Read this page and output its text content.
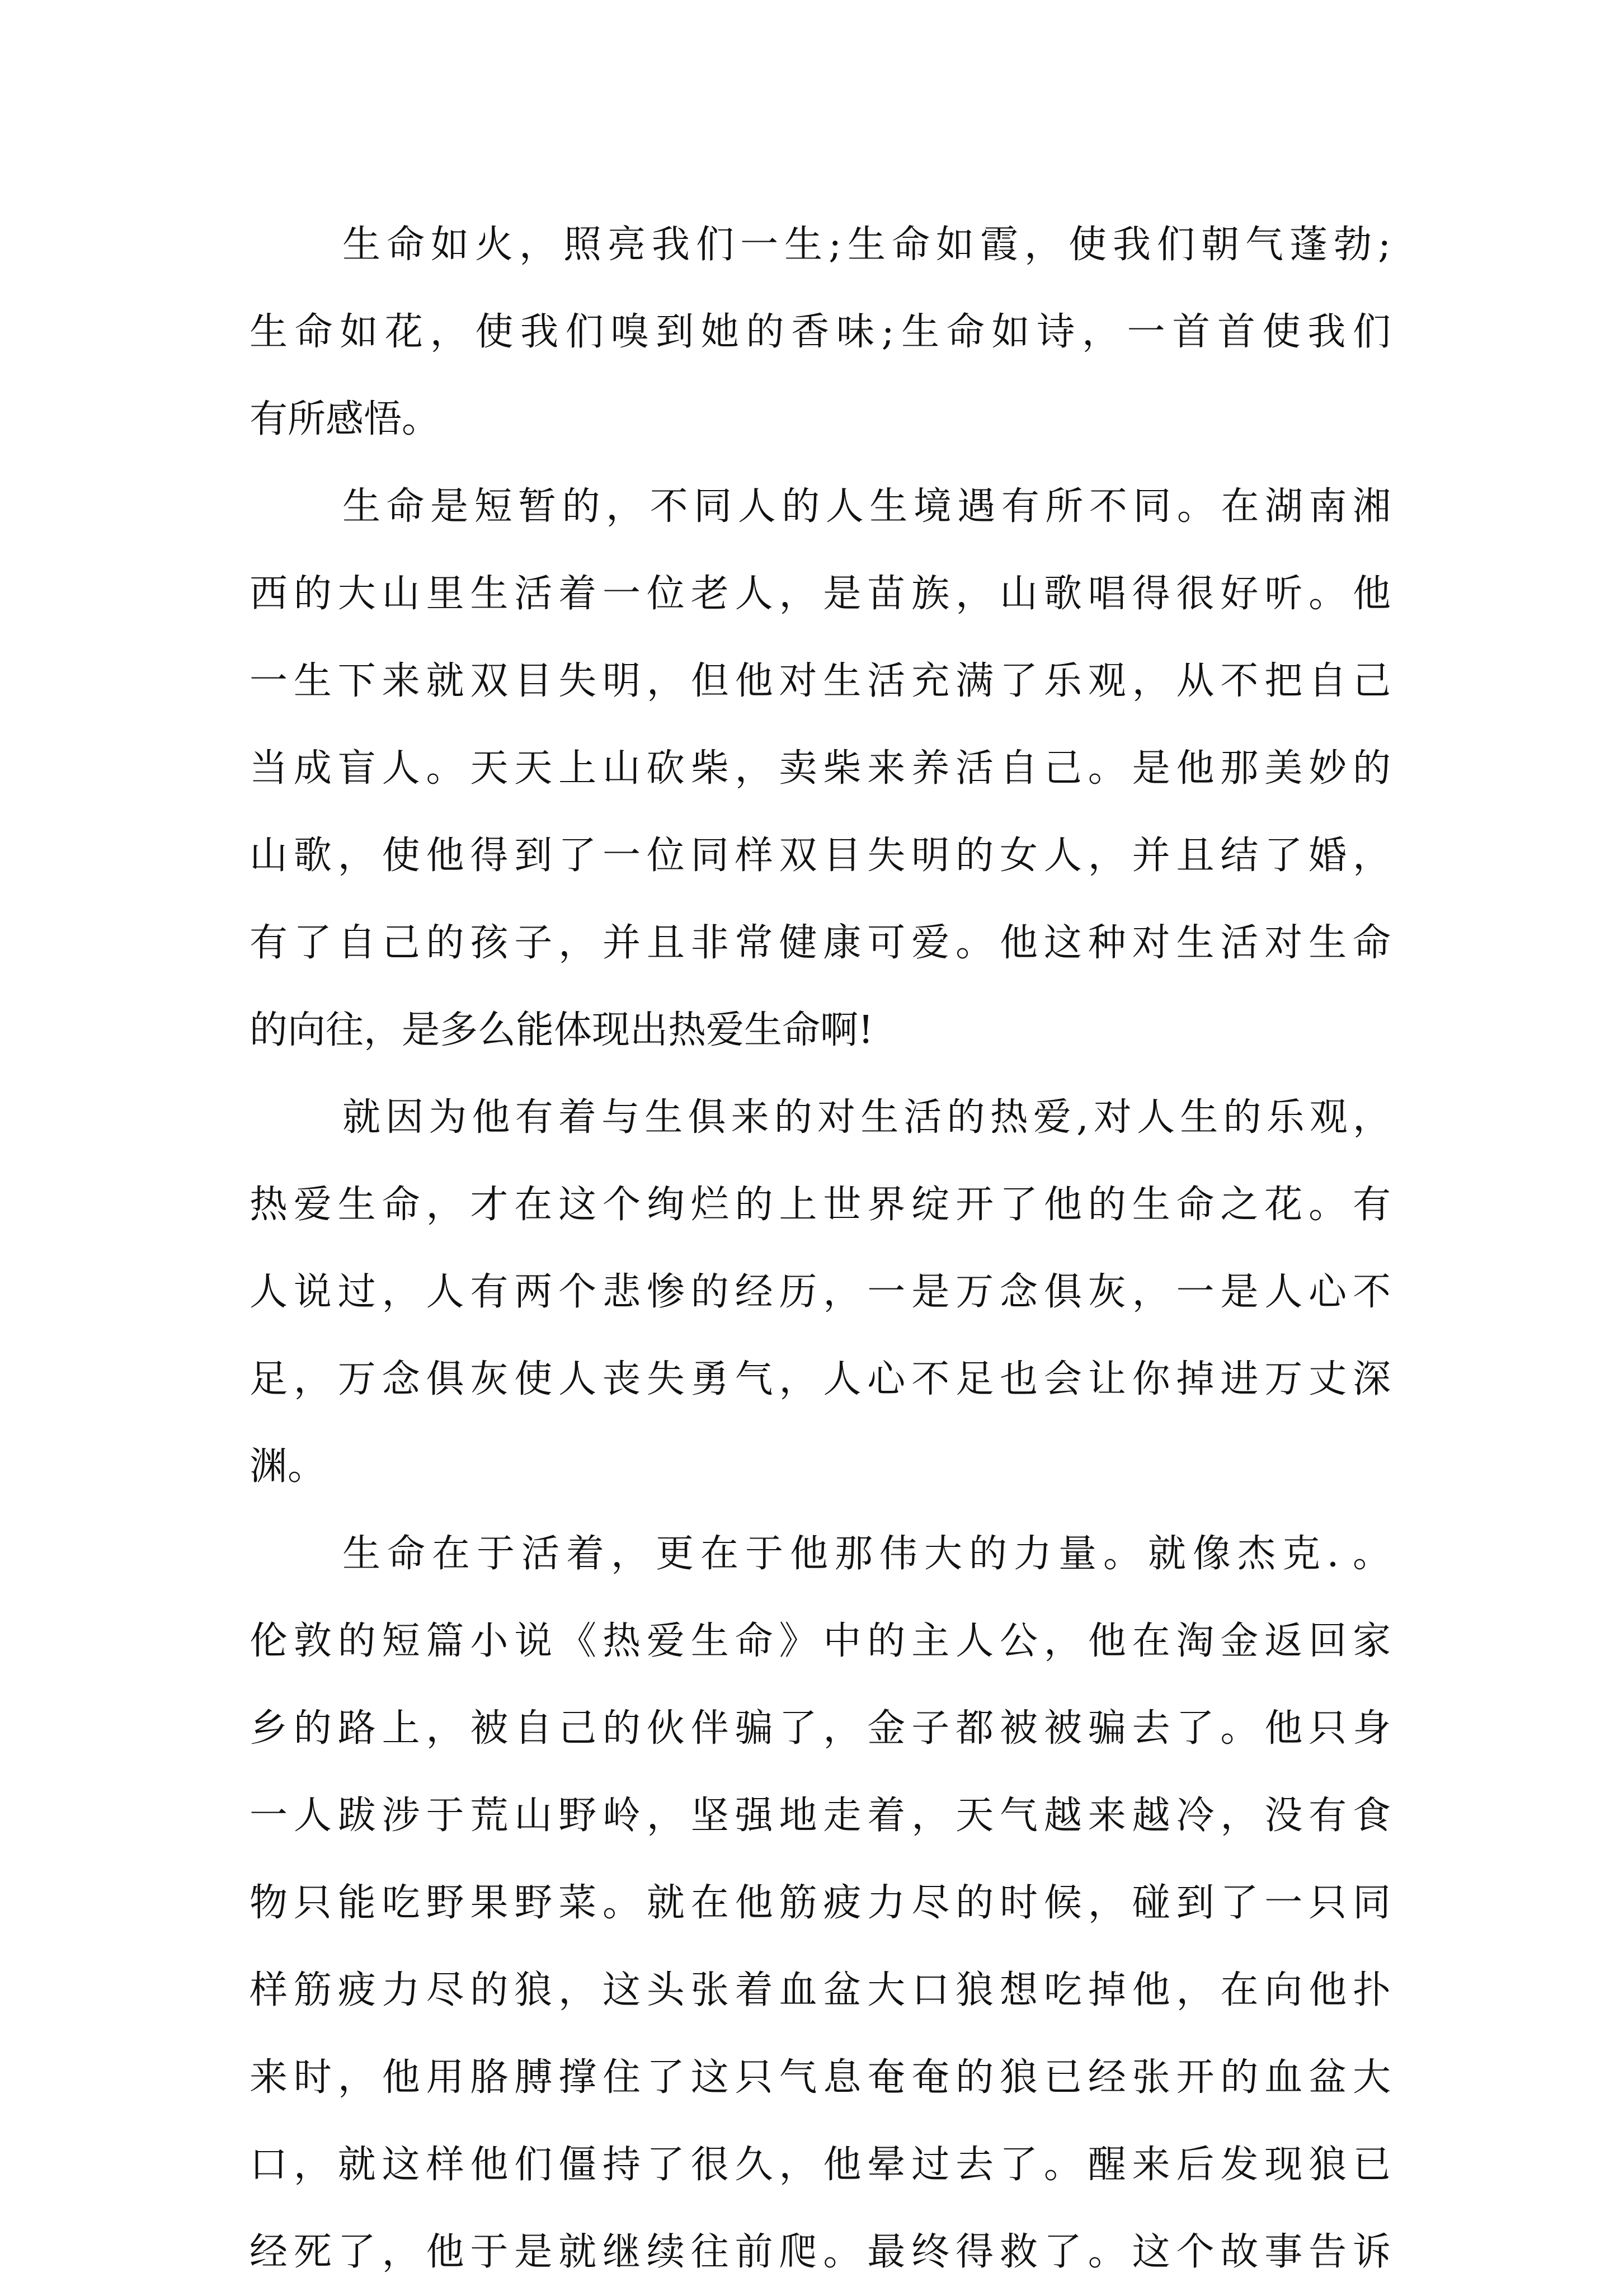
生命如火，照亮我们一生;生命如霞，使我们朝气蓬勃;
生命如花，使我们嗅到她的香味;生命如诗，一首首使我们
有所感悟。
生命是短暂的，不同人的人生境遇有所不同。在湖南湘
西的大山里生活着一位老人，是苗族，山歌唱得很好听。他
一生下来就双目失明，但他对生活充满了乐观，从不把自己
当成盲人。天天上山砍柴，卖柴来养活自己。是他那美妙的
山歌，使他得到了一位同样双目失明的女人，并且结了婚，
有了自己的孩子，并且非常健康可爱。他这种对生活对生命
的向往，是多么能体现出热爱生命啊!
就因为他有着与生俱来的对生活的热爱,对人生的乐观，
热爱生命，才在这个绚烂的上世界绽开了他的生命之花。有
人说过，人有两个悲惨的经历，一是万念俱灰，一是人心不
足，万念俱灰使人丧失勇气，人心不足也会让你掉进万丈深
渊。
生命在于活着，更在于他那伟大的力量。就像杰克．。
伦敦的短篇小说《热爱生命》中的主人公，他在淘金返回家
乡的路上，被自己的伙伴骗了，金子都被被骗去了。他只身
一人跋涉于荒山野岭，坚强地走着，天气越来越冷，没有食
物只能吃野果野菜。就在他筋疲力尽的时候，碰到了一只同
样筋疲力尽的狼，这头张着血盆大口狼想吃掉他，在向他扑
来时，他用胳膊撑住了这只气息奄奄的狼已经张开的血盆大
口，就这样他们僵持了很久，他晕过去了。醒来后发现狼已
经死了，他于是就继续往前爬。最终得救了。这个故事告诉
